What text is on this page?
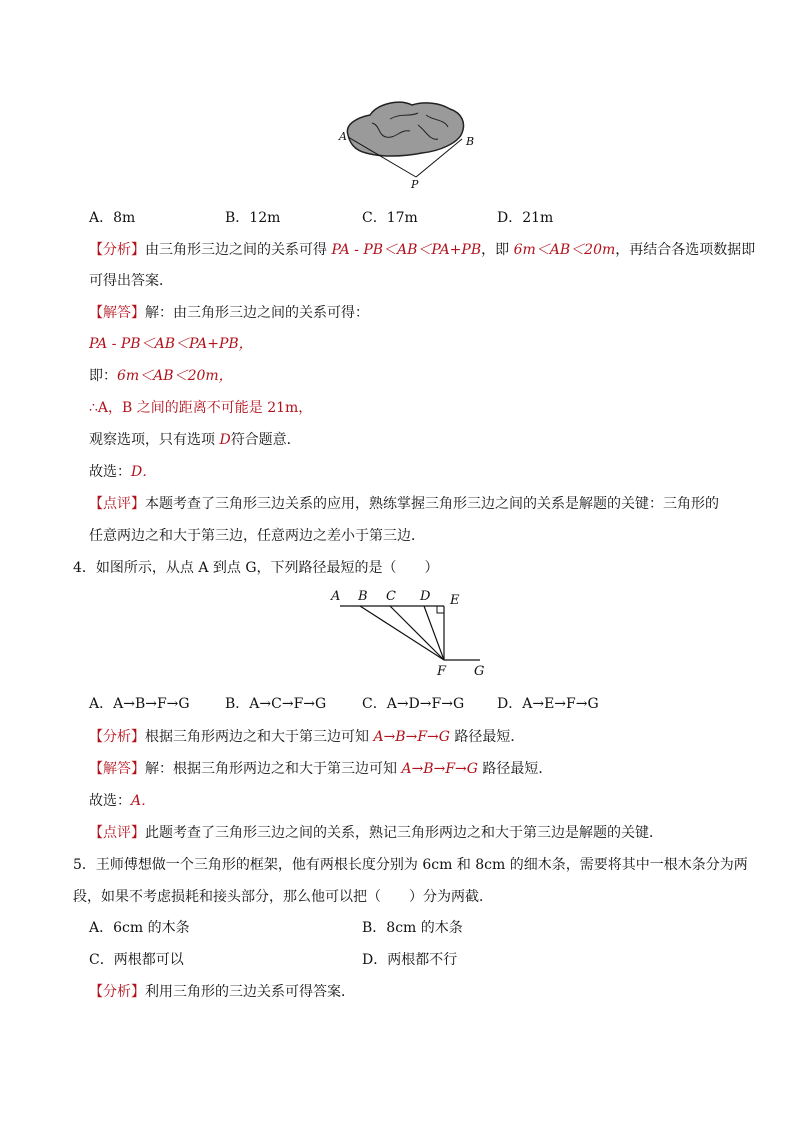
A	B
P
A．8m	B．12m	C．17m	D．21m
【分析】由三角形三边之间的关系可得 PA - PB＜AB＜PA+PB，即 6m＜AB＜20m，再结合各选项数据即
可得出答案．
【解答】解：由三角形三边之间的关系可得：
PA - PB＜AB＜PA+PB，
即：6m＜AB＜20m，
∴A，B 之间的距离不可能是 21m，
观察选项，只有选项 D符合题意．
故选：D．
【点评】本题考查了三角形三边关系的应用，熟练掌握三角形三边之间的关系是解题的关键：三角形的
任意两边之和大于第三边，任意两边之差小于第三边．
4．如图所示，从点 A 到点 G，下列路径最短的是（　　）
A B C D E
F G
A．A→B→F→G	B．A→C→F→G	C．A→D→F→G D．A→E→F→G
【分析】根据三角形两边之和大于第三边可知 A→B→F→G 路径最短．
【解答】解：根据三角形两边之和大于第三边可知 A→B→F→G 路径最短．
故选：A．
【点评】此题考查了三角形三边之间的关系，熟记三角形两边之和大于第三边是解题的关键．
5．王师傅想做一个三角形的框架，他有两根长度分别为 6cm 和 8cm 的细木条，需要将其中一根木条分为两
段，如果不考虑损耗和接头部分，那么他可以把（　　）分为两截．
A．6cm 的木条	B．8cm 的木条
C．两根都可以	D．两根都不行
【分析】利用三角形的三边关系可得答案．
